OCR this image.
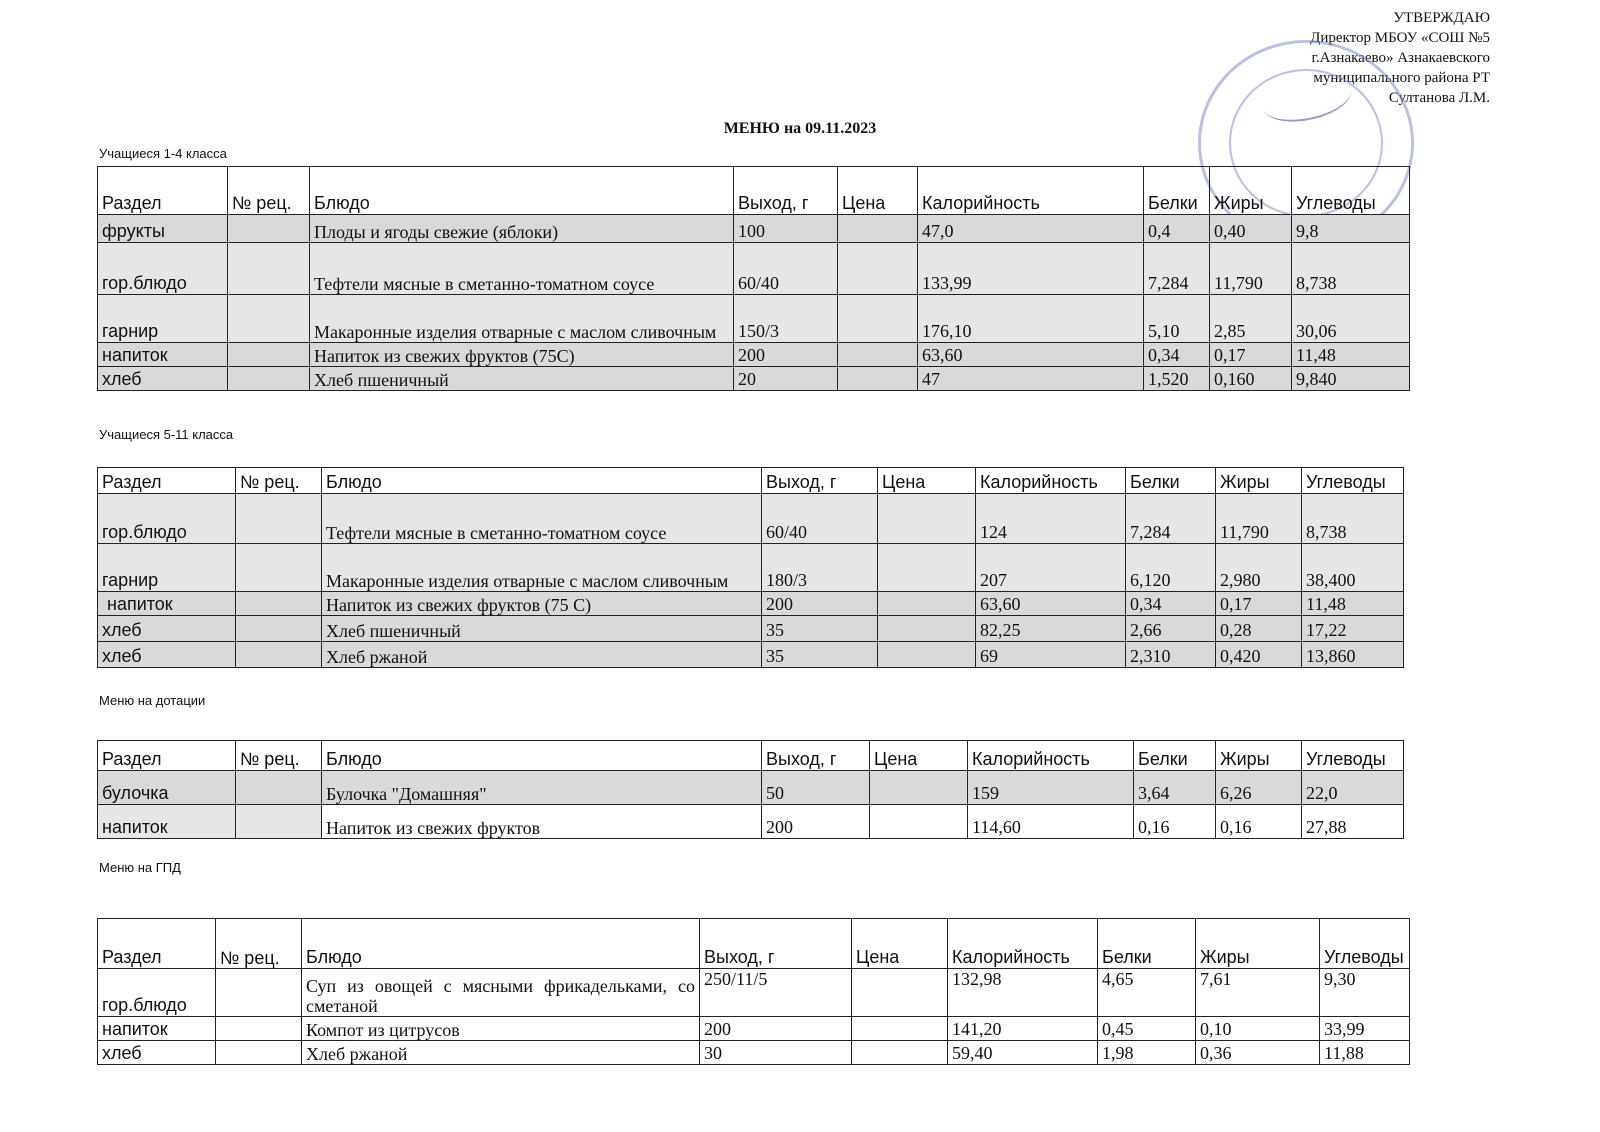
УТВЕРЖДАЮ
Директор МБОУ «СОШ №5
г.Азнакаево» Азнакаевского
муниципального района РТ
Султанова Л.М.
МЕНЮ на 09.11.2023
Учащиеся 1-4 класса
Раздел	№ рец.	Блюдо	Выход, г	Цена	Калорийность	Белки	Жиры	Углеводы
фрукты		Плоды и ягоды свежие (яблоки)	100		47,0	0,4	0,40	9,8
гор.блюдо		Тефтели мясные в сметанно-томатном соусе	60/40		133,99	7,284	11,790	8,738
гарнир		Макаронные изделия отварные с маслом сливочным	150/3		176,10	5,10	2,85	30,06
напиток		Напиток из свежих фруктов (75С)	200		63,60	0,34	0,17	11,48
хлеб		Хлеб пшеничный	20		47	1,520	0,160	9,840
Учащиеся 5-11 класса
Раздел	№ рец.	Блюдо	Выход, г	Цена	Калорийность	Белки	Жиры	Углеводы
гор.блюдо		Тефтели мясные в сметанно-томатном соусе	60/40		124	7,284	11,790	8,738
гарнир		Макаронные изделия отварные с маслом сливочным	180/3		207	6,120	2,980	38,400
напиток		Напиток из свежих фруктов (75 С)	200		63,60	0,34	0,17	11,48
хлеб		Хлеб пшеничный	35		82,25	2,66	0,28	17,22
хлеб		Хлеб ржаной	35		69	2,310	0,420	13,860
Меню на дотации
Раздел	№ рец.	Блюдо	Выход, г	Цена	Калорийность	Белки	Жиры	Углеводы
булочка		Булочка "Домашняя"	50		159	3,64	6,26	22,0
напиток		Напиток из свежих фруктов	200		114,60	0,16	0,16	27,88
Меню на ГПД
Раздел	№ рец.	Блюдо	Выход, г	Цена	Калорийность	Белки	Жиры	Углеводы
гор.блюдо		Суп из овощей с мясными фрикадельками, со сметаной	250/11/5		132,98	4,65	7,61	9,30
напиток		Компот из цитрусов	200		141,20	0,45	0,10	33,99
хлеб		Хлеб ржаной	30		59,40	1,98	0,36	11,88
